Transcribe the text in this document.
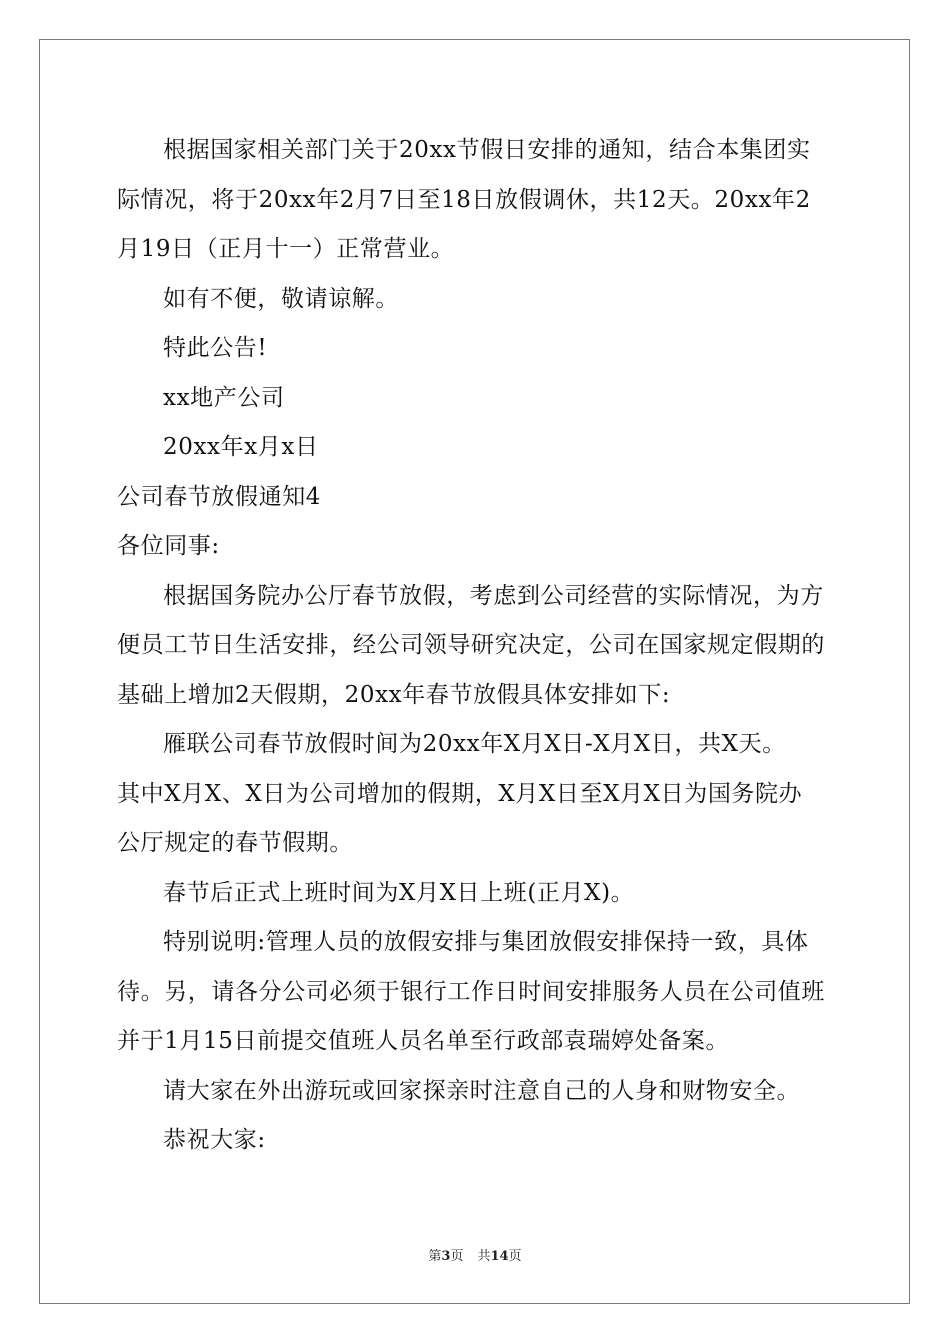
根据国家相关部门关于20xx节假日安排的通知，结合本集团实
际情况，将于20xx年2月7日至18日放假调休，共12天。20xx年2
月19日（正月十一）正常营业。
如有不便，敬请谅解。
特此公告!
xx地产公司
20xx年x月x日
公司春节放假通知4
各位同事:
根据国务院办公厅春节放假，考虑到公司经营的实际情况，为方
便员工节日生活安排，经公司领导研究决定，公司在国家规定假期的
基础上增加2天假期，20xx年春节放假具体安排如下:
雁联公司春节放假时间为20xx年X月X日-X月X日，共X天。
其中X月X、X日为公司增加的假期，X月X日至X月X日为国务院办
公厅规定的春节假期。
春节后正式上班时间为X月X日上班(正月X)。
特别说明:管理人员的放假安排与集团放假安排保持一致，具体
待。另，请各分公司必须于银行工作日时间安排服务人员在公司值班
并于1月15日前提交值班人员名单至行政部袁瑞婷处备案。
请大家在外出游玩或回家探亲时注意自己的人身和财物安全。
恭祝大家:
第3页 共14页
